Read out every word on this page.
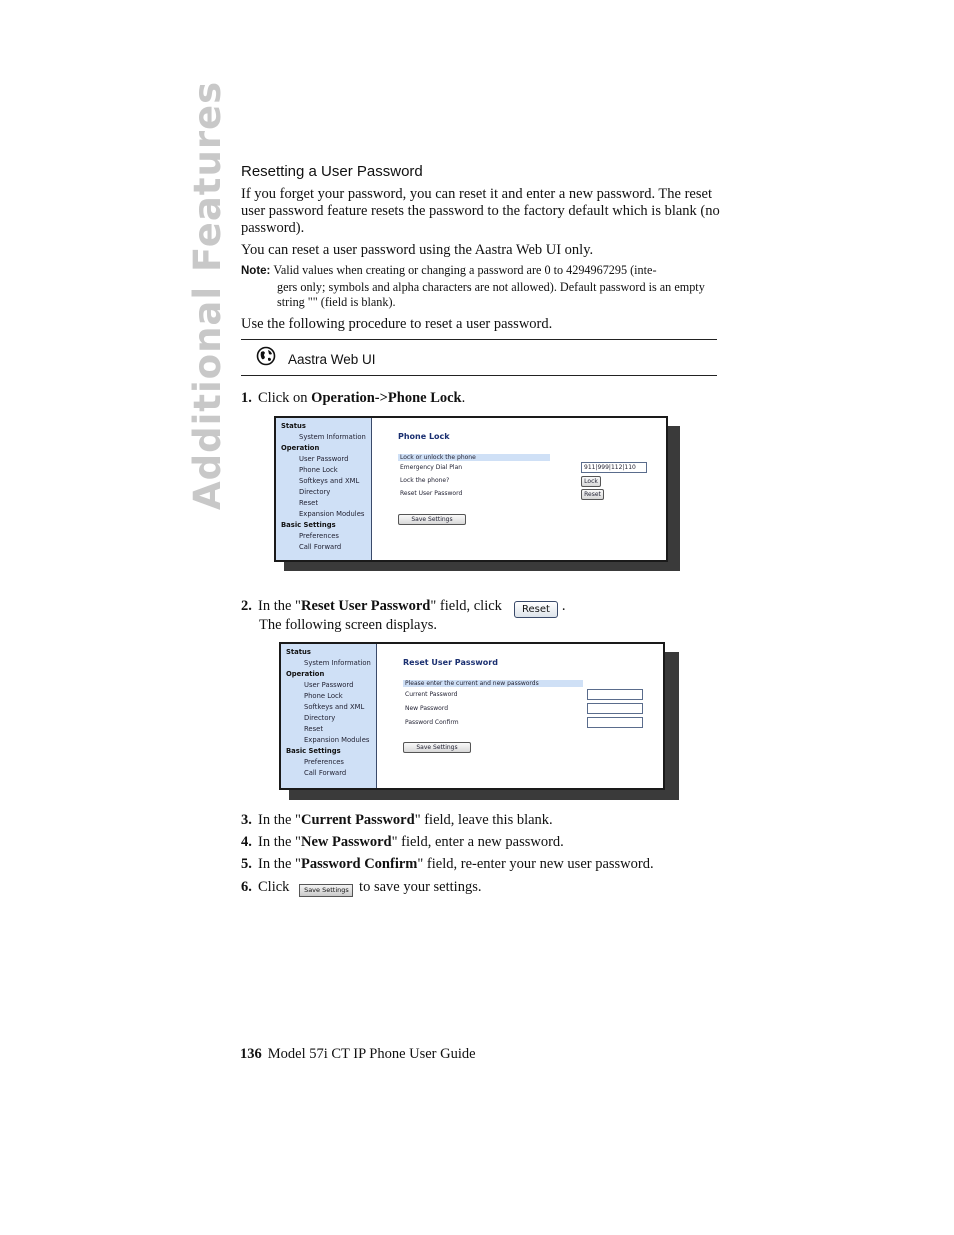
Additional Features Resetting a User Password
If you forget your password, you can reset it and enter a new password. The reset user password feature resets the password to the factory default which is blank (no password).
You can reset a user password using the Aastra Web UI only.
Note: Valid values when creating or changing a password are 0 to 4294967295 (inte-
gers only; symbols and alpha characters are not allowed). Default password is an empty string "" (field is blank).
Use the following procedure to reset a user password.
Aastra Web UI
1. Click on Operation->Phone Lock.
Status
System Information
Operation
User Password
Phone Lock
Softkeys and XML
Directory
Reset
Expansion Modules
Basic Settings
Preferences
Call Forward
Phone Lock
Lock or unlock the phone
Emergency Dial Plan	911|999|112|110
Lock the phone?	Lock
Reset User Password	Reset
Save Settings
2. In the "Reset User Password" field, click Reset .
The following screen displays.
Status
System Information
Operation
User Password
Phone Lock
Softkeys and XML
Directory
Reset
Expansion Modules
Basic Settings
Preferences
Call Forward
Reset User Password
Please enter the current and new passwords
Current Password
New Password
Password Confirm
Save Settings
3. In the "Current Password" field, leave this blank.
4. In the "New Password" field, enter a new password.
5. In the "Password Confirm" field, re-enter your new user password.
6. Click Save Settings to save your settings.
136 Model 57i CT IP Phone User Guide
